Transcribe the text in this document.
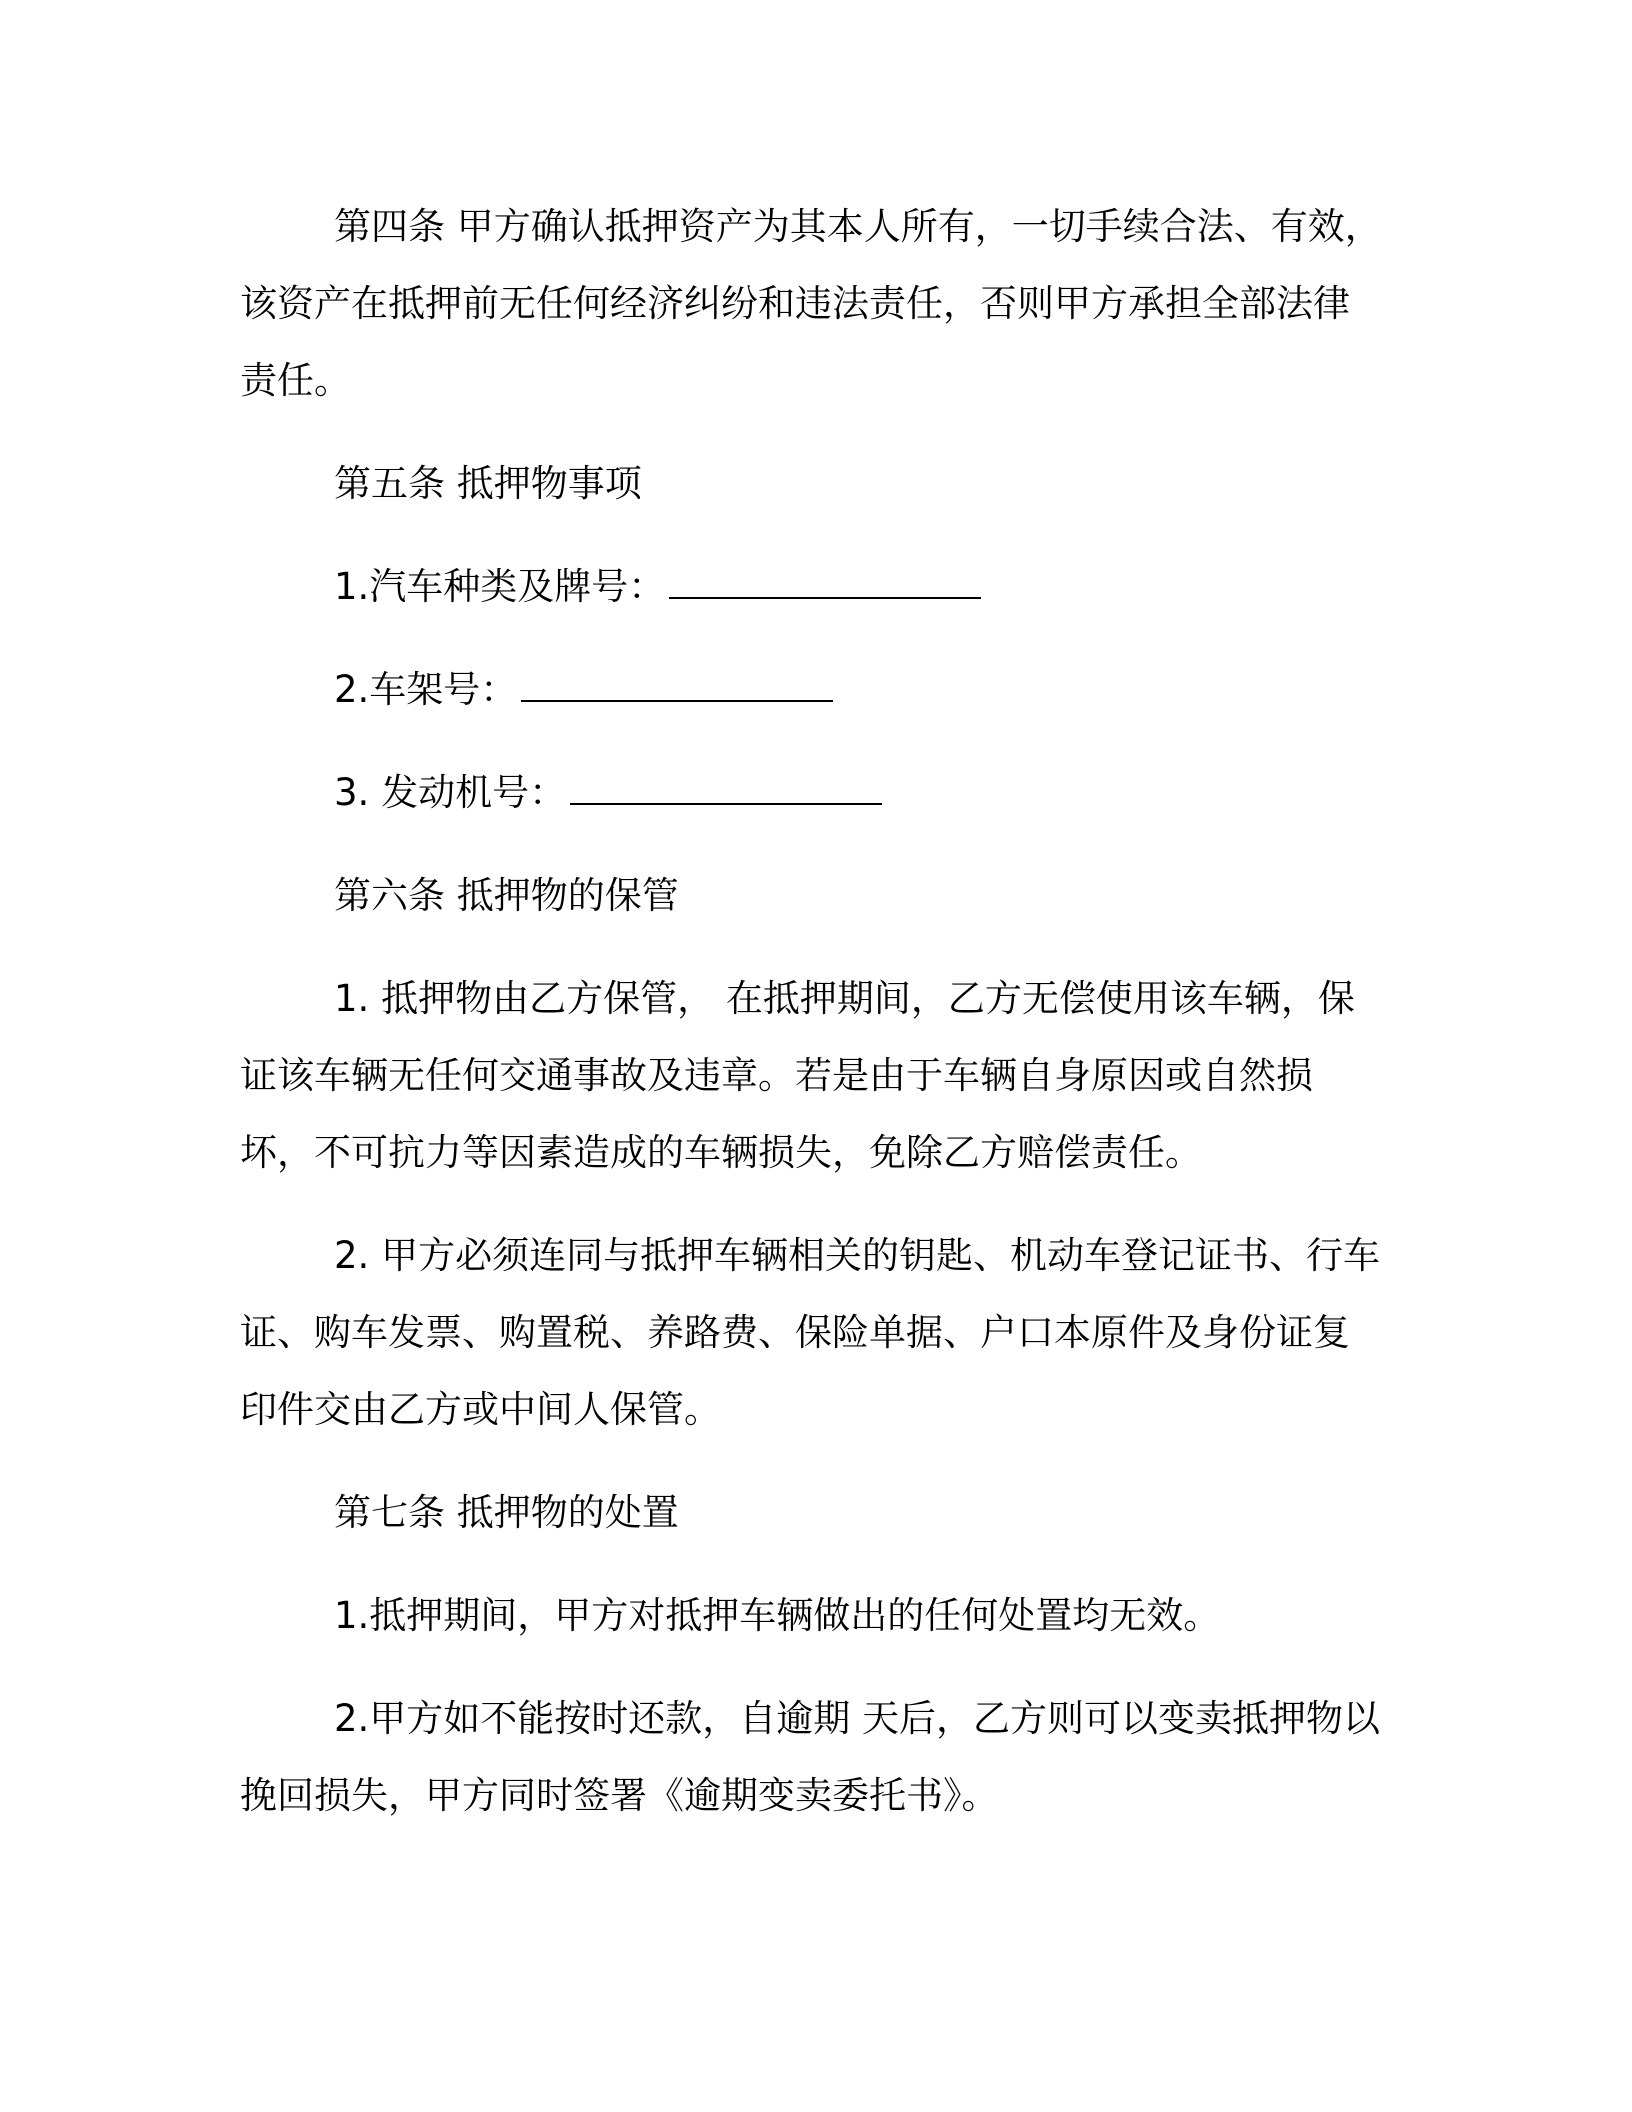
第四条 甲方确认抵押资产为其本人所有，一切手续合法、有效，该资产在抵押前无任何经济纠纷和违法责任，否则甲方承担全部法律责任。

第五条 抵押物事项

1.汽车种类及牌号：

2.车架号：

3. 发动机号：

第六条 抵押物的保管

1. 抵押物由乙方保管， 在抵押期间，乙方无偿使用该车辆，保证该车辆无任何交通事故及违章。若是由于车辆自身原因或自然损坏，不可抗力等因素造成的车辆损失，免除乙方赔偿责任。

2. 甲方必须连同与抵押车辆相关的钥匙、机动车登记证书、行车证、购车发票、购置税、养路费、保险单据、户口本原件及身份证复印件交由乙方或中间人保管。

第七条 抵押物的处置

1.抵押期间，甲方对抵押车辆做出的任何处置均无效。

2.甲方如不能按时还款，自逾期 天后，乙方则可以变卖抵押物以挽回损失，甲方同时签署《逾期变卖委托书》。
